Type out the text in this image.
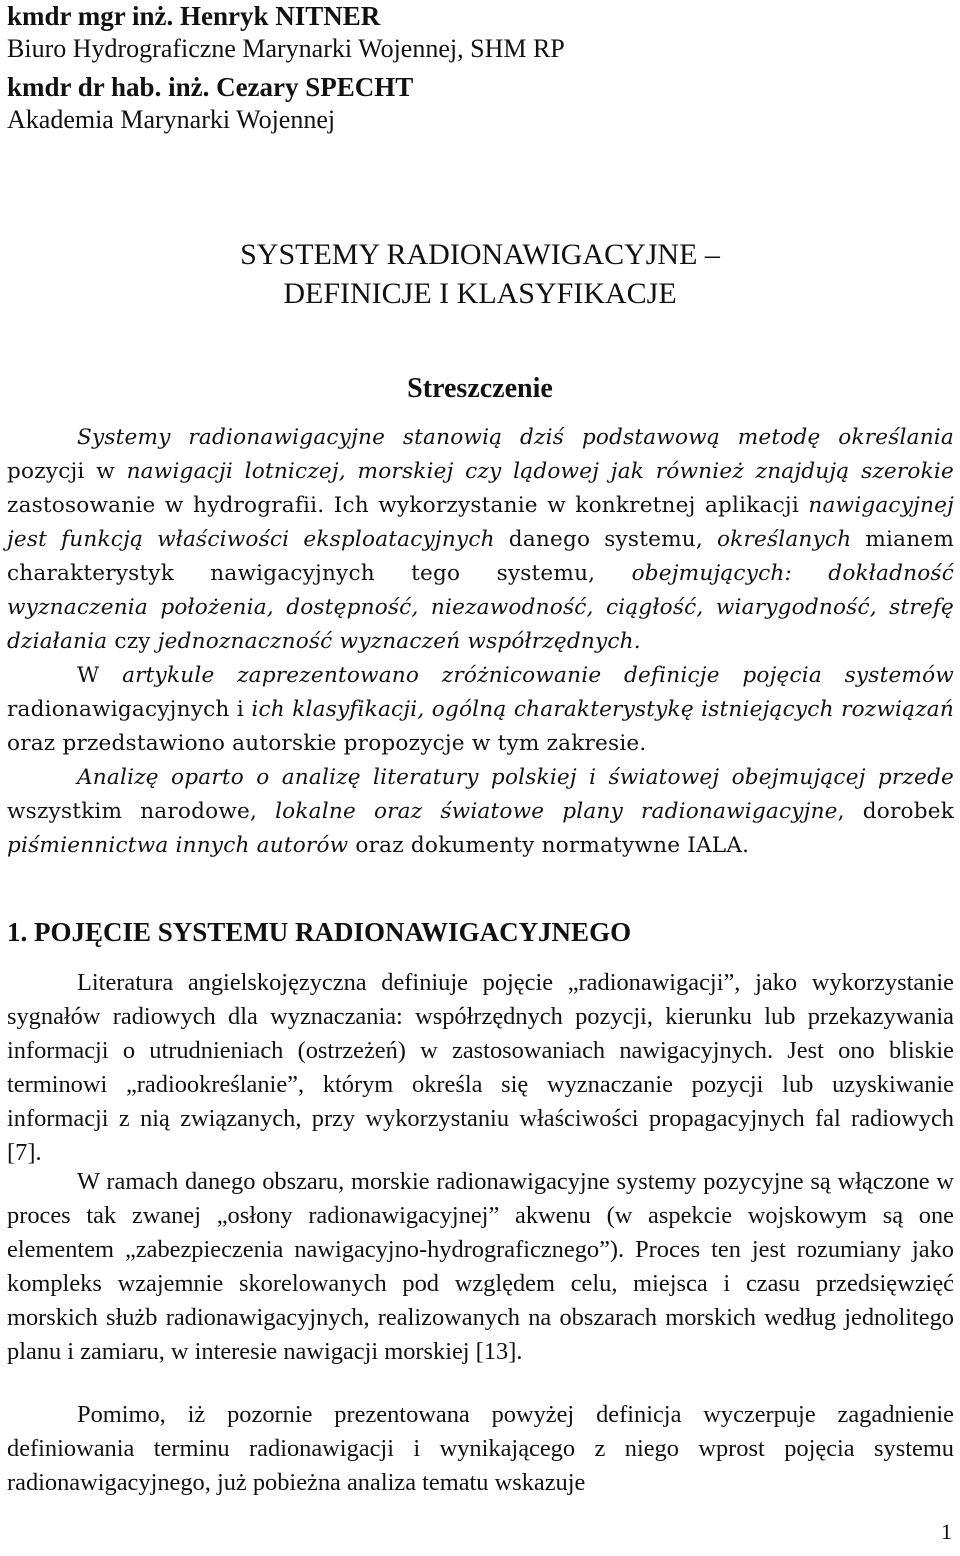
kmdr mgr inż. Henryk NITNER
Biuro Hydrograficzne Marynarki Wojennej, SHM RP
kmdr dr hab. inż. Cezary SPECHT
Akademia Marynarki Wojennej
SYSTEMY RADIONAWIGACYJNE –
DEFINICJE I KLASYFIKACJE
Streszczenie

Systemy radionawigacyjne stanowią dziś podstawową metodę określania pozycji w nawigacji lotniczej, morskiej czy lądowej jak również znajdują szerokie zastosowanie w hydrografii. Ich wykorzystanie w konkretnej aplikacji nawigacyjnej jest funkcją właściwości eksploatacyjnych danego systemu, określanych mianem charakterystyk nawigacyjnych tego systemu, obejmujących: dokładność wyznaczenia położenia, dostępność, niezawodność, ciągłość, wiarygodność, strefę działania czy jednoznaczność wyznaczeń współrzędnych.

W artykule zaprezentowano zróżnicowanie definicje pojęcia systemów radionawigacyjnych i ich klasyfikacji, ogólną charakterystykę istniejących rozwiązań oraz przedstawiono autorskie propozycje w tym zakresie.

Analizę oparto o analizę literatury polskiej i światowej obejmującej przede wszystkim narodowe, lokalne oraz światowe plany radionawigacyjne, dorobek piśmiennictwa innych autorów oraz dokumenty normatywne IALA.

1. POJĘCIE SYSTEMU RADIONAWIGACYJNEGO

Literatura angielskojęzyczna definiuje pojęcie „radionawigacji”, jako wykorzystanie sygnałów radiowych dla wyznaczania: współrzędnych pozycji, kierunku lub przekazywania informacji o utrudnieniach (ostrzeżeń) w zastosowaniach nawigacyjnych. Jest ono bliskie terminowi „radiookreślanie”, którym określa się wyznaczanie pozycji lub uzyskiwanie informacji z nią związanych, przy wykorzystaniu właściwości propagacyjnych fal radiowych [7].

W ramach danego obszaru, morskie radionawigacyjne systemy pozycyjne są włączone w proces tak zwanej „osłony radionawigacyjnej” akwenu (w aspekcie wojskowym są one elementem „zabezpieczenia nawigacyjno-hydrograficznego”). Proces ten jest rozumiany jako kompleks wzajemnie skorelowanych pod względem celu, miejsca i czasu przedsięwzięć morskich służb radionawigacyjnych, realizowanych na obszarach morskich według jednolitego planu i zamiaru, w interesie nawigacji morskiej [13].

Pomimo, iż pozornie prezentowana powyżej definicja wyczerpuje zagadnienie definiowania terminu radionawigacji i wynikającego z niego wprost pojęcia systemu radionawigacyjnego, już pobieżna analiza tematu wskazuje

1
